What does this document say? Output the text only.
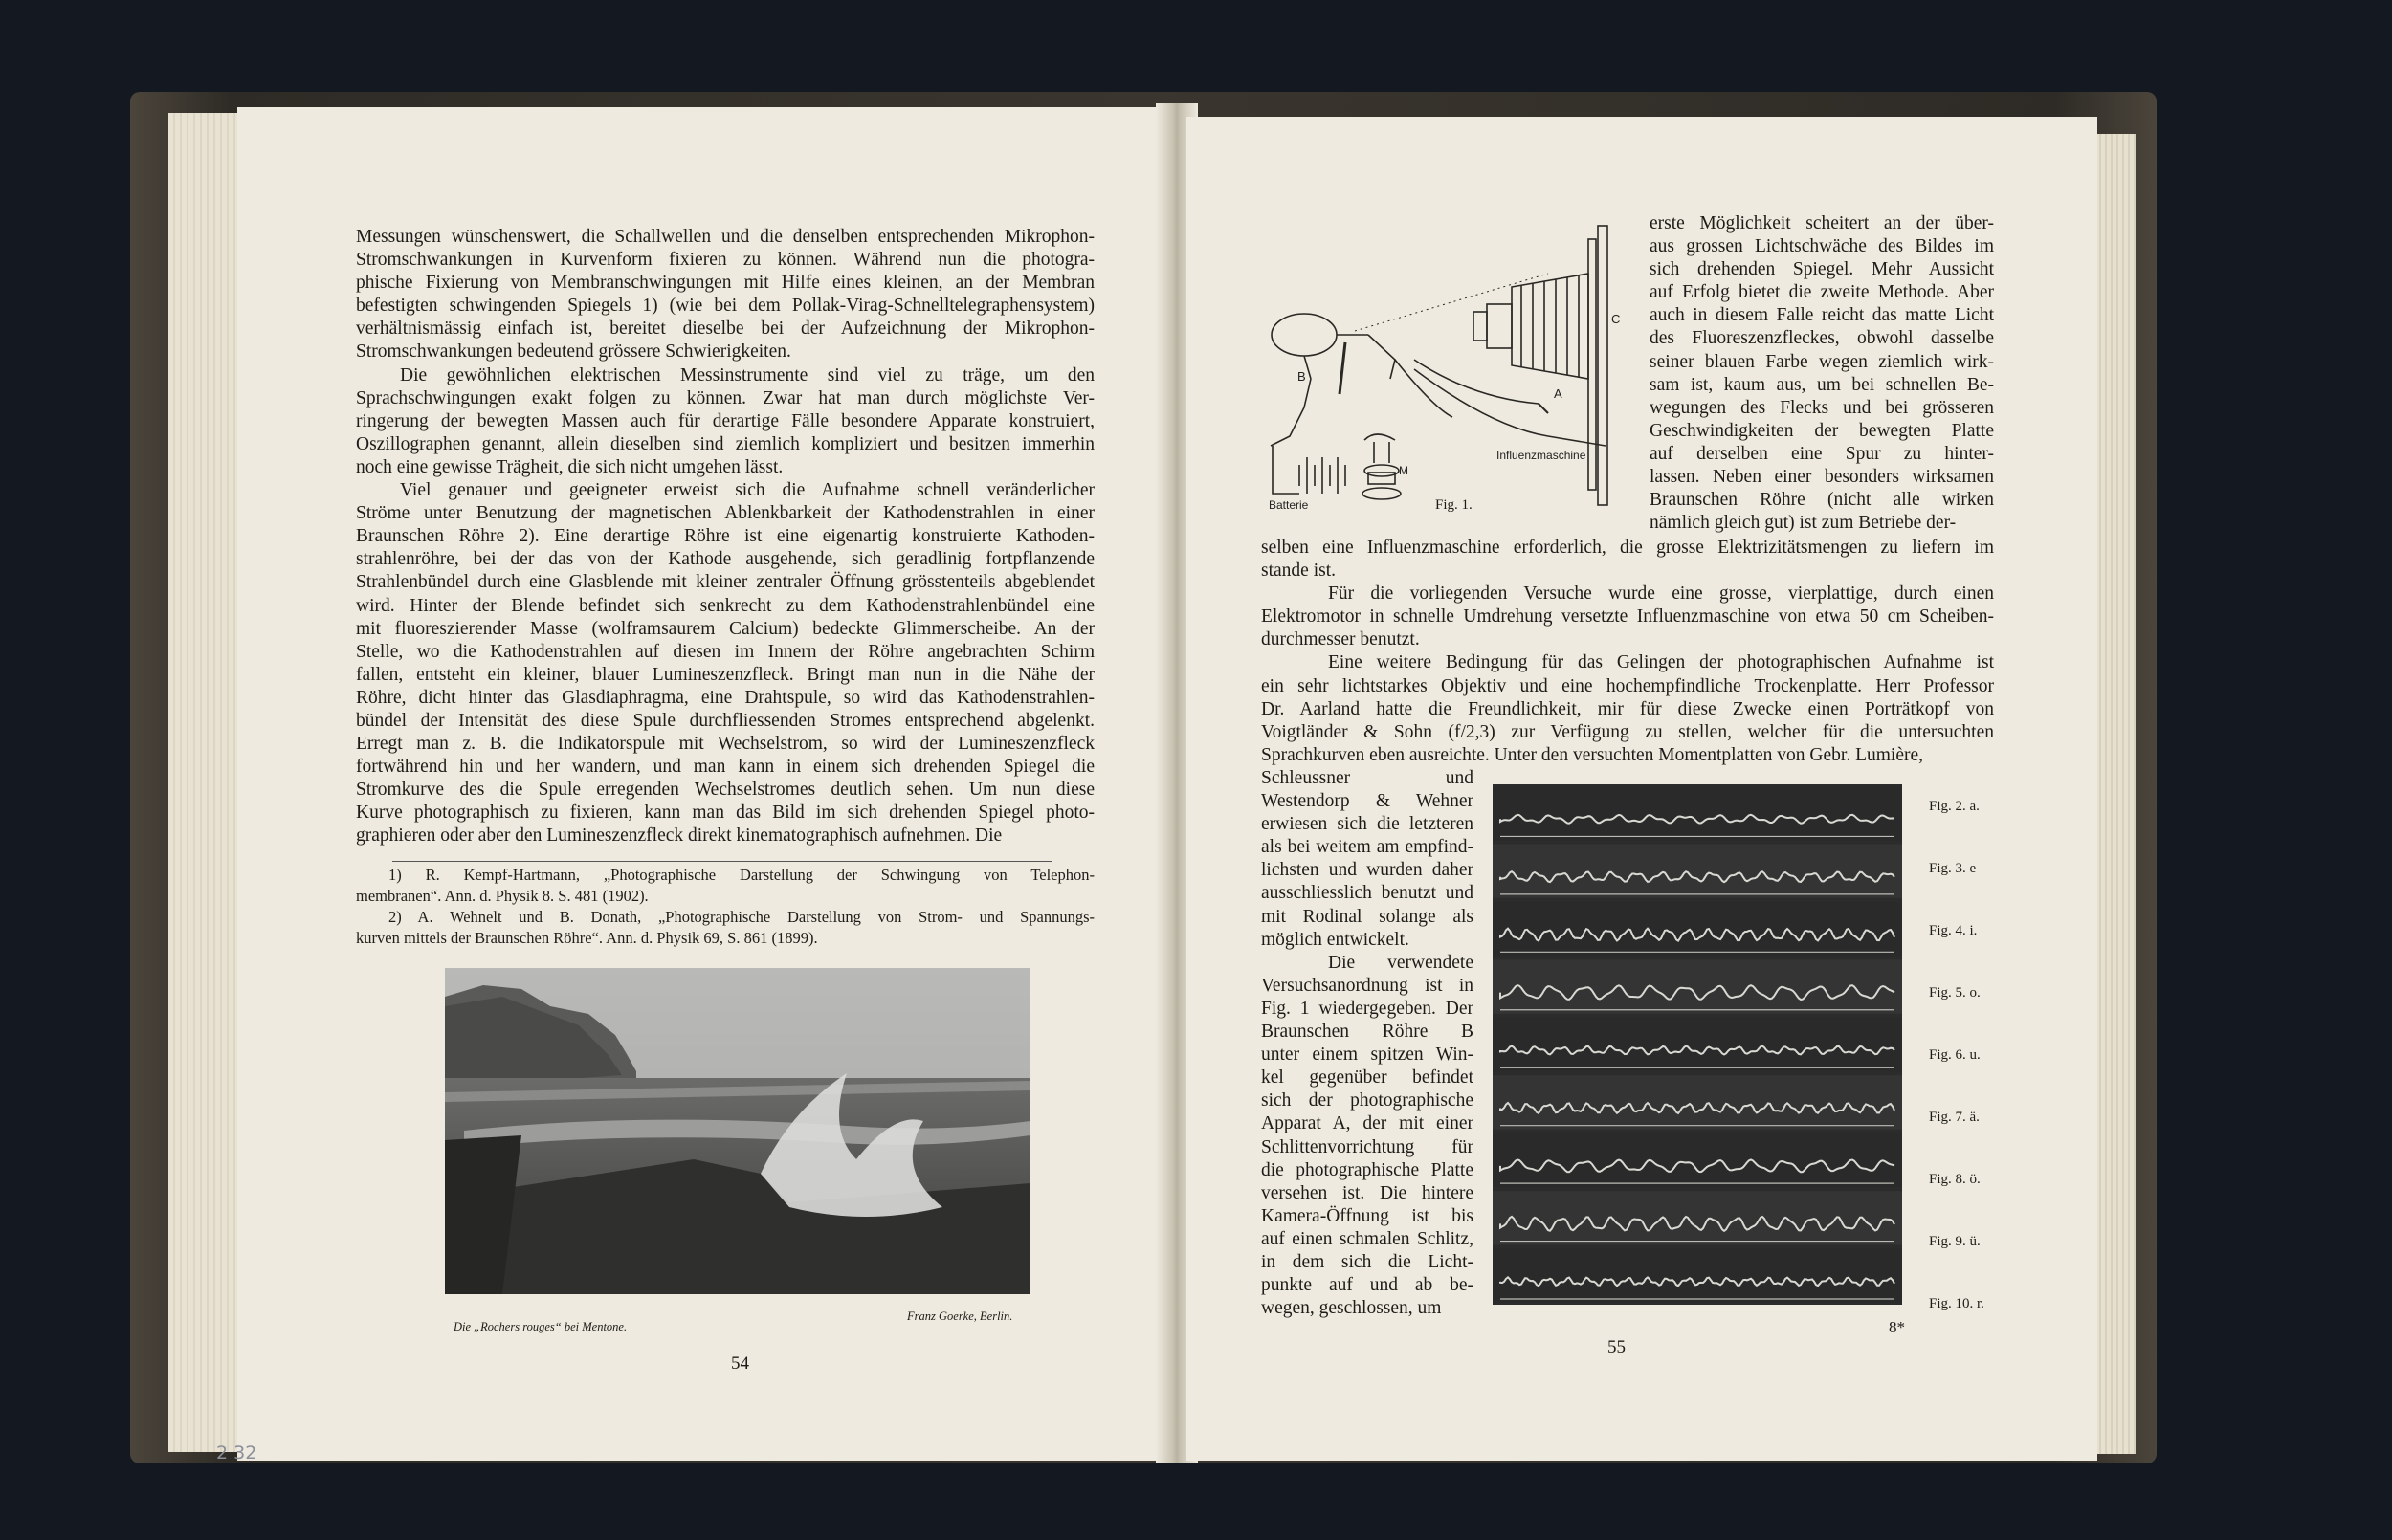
Messungen wünschenswert, die Schallwellen und die denselben entsprechenden Mikrophon-
Stromschwankungen in Kurvenform fixieren zu können. Während nun die photogra-
phische Fixierung von Membranschwingungen mit Hilfe eines kleinen, an der Membran
befestigten schwingenden Spiegels 1) (wie bei dem Pollak-Virag-Schnelltelegraphensystem)
verhältnismässig einfach ist, bereitet dieselbe bei der Aufzeichnung der Mikrophon-
Stromschwankungen bedeutend grössere Schwierigkeiten.
Die gewöhnlichen elektrischen Messinstrumente sind viel zu träge, um den
Sprachschwingungen exakt folgen zu können. Zwar hat man durch möglichste Ver-
ringerung der bewegten Massen auch für derartige Fälle besondere Apparate konstruiert,
Oszillographen genannt, allein dieselben sind ziemlich kompliziert und besitzen immerhin
noch eine gewisse Trägheit, die sich nicht umgehen lässt.
Viel genauer und geeigneter erweist sich die Aufnahme schnell veränderlicher
Ströme unter Benutzung der magnetischen Ablenkbarkeit der Kathodenstrahlen in einer
Braunschen Röhre 2). Eine derartige Röhre ist eine eigenartig konstruierte Kathoden-
strahlenröhre, bei der das von der Kathode ausgehende, sich geradlinig fortpflanzende
Strahlenbündel durch eine Glasblende mit kleiner zentraler Öffnung grösstenteils abgeblendet
wird. Hinter der Blende befindet sich senkrecht zu dem Kathodenstrahlenbündel eine
mit fluoreszierender Masse (wolframsaurem Calcium) bedeckte Glimmerscheibe. An der
Stelle, wo die Kathodenstrahlen auf diesen im Innern der Röhre angebrachten Schirm
fallen, entsteht ein kleiner, blauer Lumineszenzfleck. Bringt man nun in die Nähe der
Röhre, dicht hinter das Glasdiaphragma, eine Drahtspule, so wird das Kathodenstrahlen-
bündel der Intensität des diese Spule durchfliessenden Stromes entsprechend abgelenkt.
Erregt man z. B. die Indikatorspule mit Wechselstrom, so wird der Lumineszenzfleck
fortwährend hin und her wandern, und man kann in einem sich drehenden Spiegel die
Stromkurve des die Spule erregenden Wechselstromes deutlich sehen. Um nun diese
Kurve photographisch zu fixieren, kann man das Bild im sich drehenden Spiegel photo-
graphieren oder aber den Lumineszenzfleck direkt kinematographisch aufnehmen. Die
1) R. Kempf-Hartmann, „Photographische Darstellung der Schwingung von Telephon-
membranen“. Ann. d. Physik 8. S. 481 (1902).
2) A. Wehnelt und B. Donath, „Photographische Darstellung von Strom- und Spannungs-
kurven mittels der Braunschen Röhre“. Ann. d. Physik 69, S. 861 (1899).
Die „Rochers rouges“ bei Mentone.
Franz Goerke, Berlin.
54
2 32
B
A
C
Batterie
Influenzmaschine
M
Fig. 1.
erste Möglichkeit scheitert an der über-
aus grossen Lichtschwäche des Bildes im
sich drehenden Spiegel. Mehr Aussicht
auf Erfolg bietet die zweite Methode. Aber
auch in diesem Falle reicht das matte Licht
des Fluoreszenzfleckes, obwohl dasselbe
seiner blauen Farbe wegen ziemlich wirk-
sam ist, kaum aus, um bei schnellen Be-
wegungen des Flecks und bei grösseren
Geschwindigkeiten der bewegten Platte
auf derselben eine Spur zu hinter-
lassen. Neben einer besonders wirksamen
Braunschen Röhre (nicht alle wirken
nämlich gleich gut) ist zum Betriebe der-
selben eine Influenzmaschine erforderlich, die grosse Elektrizitätsmengen zu liefern im
stande ist.
Für die vorliegenden Versuche wurde eine grosse, vierplattige, durch einen
Elektromotor in schnelle Umdrehung versetzte Influenzmaschine von etwa 50 cm Scheiben-
durchmesser benutzt.
Eine weitere Bedingung für das Gelingen der photographischen Aufnahme ist
ein sehr lichtstarkes Objektiv und eine hochempfindliche Trockenplatte. Herr Professor
Dr. Aarland hatte die Freundlichkeit, mir für diese Zwecke einen Porträtkopf von
Voigtländer & Sohn (f/2,3) zur Verfügung zu stellen, welcher für die untersuchten
Sprachkurven eben ausreichte. Unter den versuchten Momentplatten von Gebr. Lumière,
Schleussner und
Westendorp & Wehner
erwiesen sich die letzteren
als bei weitem am empfind-
lichsten und wurden daher
ausschliesslich benutzt und
mit Rodinal solange als
möglich entwickelt.
Die verwendete
Versuchsanordnung ist in
Fig. 1 wiedergegeben. Der
Braunschen Röhre B
unter einem spitzen Win-
kel gegenüber befindet
sich der photographische
Apparat A, der mit einer
Schlittenvorrichtung für
die photographische Platte
versehen ist. Die hintere
Kamera-Öffnung ist bis
auf einen schmalen Schlitz,
in dem sich die Licht-
punkte auf und ab be-
wegen, geschlossen, um
Fig. 2. a.
Fig. 3. e
Fig. 4. i.
Fig. 5. o.
Fig. 6. u.
Fig. 7. ä.
Fig. 8. ö.
Fig. 9. ü.
Fig. 10. r.
55
8*
